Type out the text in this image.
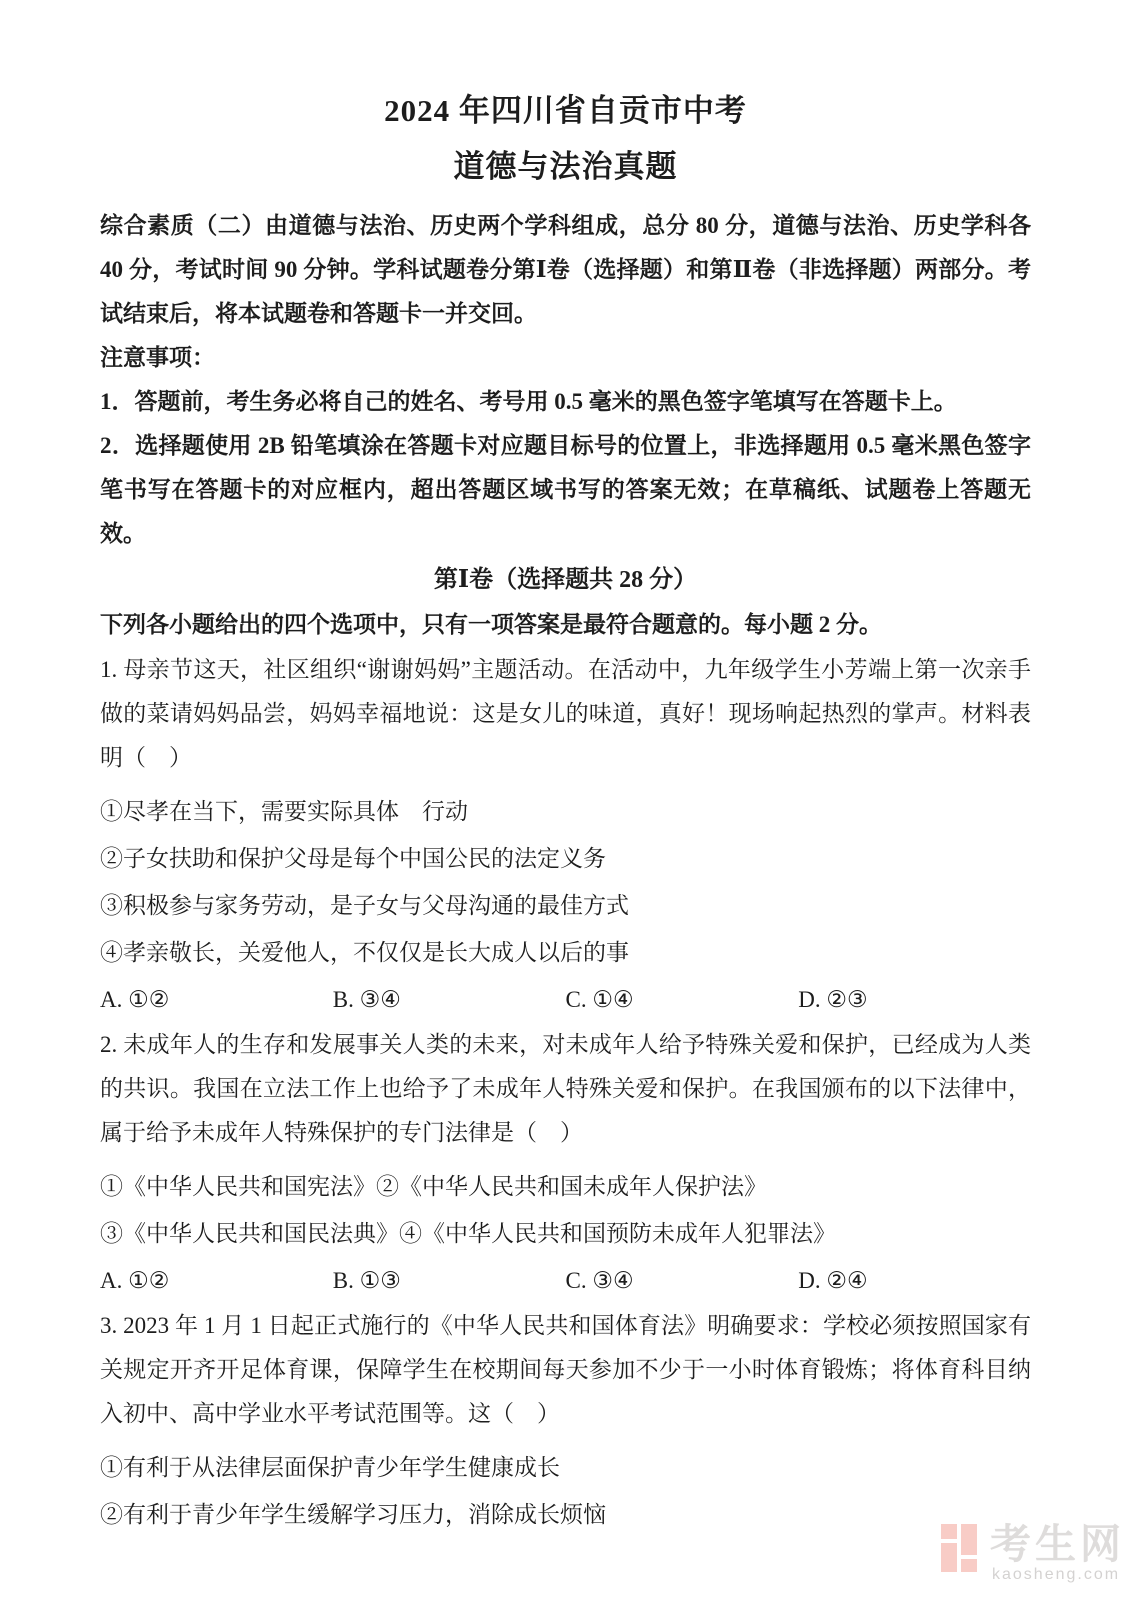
2024 年四川省自贡市中考
道德与法治真题

综合素质（二）由道德与法治、历史两个学科组成，总分 80 分，道德与法治、历史学科各 40 分，考试时间 90 分钟。学科试题卷分第Ⅰ卷（选择题）和第Ⅱ卷（非选择题）两部分。考试结束后，将本试题卷和答题卡一并交回。

注意事项：

1．答题前，考生务必将自己的姓名、考号用 0.5 毫米的黑色签字笔填写在答题卡上。

2．选择题使用 2B 铅笔填涂在答题卡对应题目标号的位置上，非选择题用 0.5 毫米黑色签字笔书写在答题卡的对应框内，超出答题区域书写的答案无效；在草稿纸、试题卷上答题无效。

第Ⅰ卷（选择题共 28 分）

下列各小题给出的四个选项中，只有一项答案是最符合题意的。每小题 2 分。

1. 母亲节这天，社区组织“谢谢妈妈”主题活动。在活动中，九年级学生小芳端上第一次亲手做的菜请妈妈品尝，妈妈幸福地说：这是女儿的味道，真好！现场响起热烈的掌声。材料表明（　）

①尽孝在当下，需要实际具体　行动

②子女扶助和保护父母是每个中国公民的法定义务

③积极参与家务劳动，是子女与父母沟通的最佳方式

④孝亲敬长，关爱他人，不仅仅是长大成人以后的事

A. ①②	B. ③④	C. ①④	D. ②③

2. 未成年人的生存和发展事关人类的未来，对未成年人给予特殊关爱和保护，已经成为人类的共识。我国在立法工作上也给予了未成年人特殊关爱和保护。在我国颁布的以下法律中，属于给予未成年人特殊保护的专门法律是（　）

①《中华人民共和国宪法》②《中华人民共和国未成年人保护法》

③《中华人民共和国民法典》④《中华人民共和国预防未成年人犯罪法》

A. ①②	B. ①③	C. ③④	D. ②④

3. 2023 年 1 月 1 日起正式施行的《中华人民共和国体育法》明确要求：学校必须按照国家有关规定开齐开足体育课，保障学生在校期间每天参加不少于一小时体育锻炼；将体育科目纳入初中、高中学业水平考试范围等。这（　）

①有利于从法律层面保护青少年学生健康成长

②有利于青少年学生缓解学习压力，消除成长烦恼

考生网

kaosheng.com
